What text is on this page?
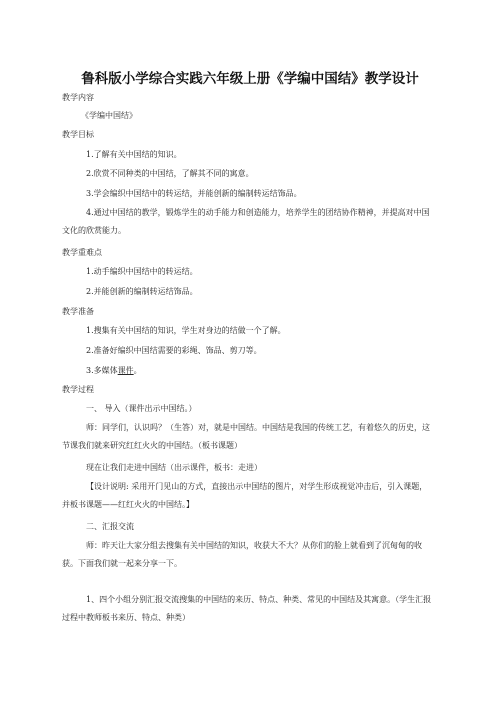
鲁科版小学综合实践六年级上册《学编中国结》教学设计
教学内容
《学编中国结》
教学目标
1.了解有关中国结的知识。
2.欣赏不同种类的中国结，了解其不同的寓意。
3.学会编织中国结中的转运结，并能创新的编制转运结饰品。
4.通过中国结的教学，锻炼学生的动手能力和创造能力，培养学生的团结协作精神，并提高对中国文化的欣赏能力。
教学重难点
1.动手编织中国结中的转运结。
2.并能创新的编制转运结饰品。
教学准备
1.搜集有关中国结的知识，学生对身边的结做一个了解。
2.准备好编织中国结需要的彩绳、饰品、剪刀等。
3.多媒体课件。
教学过程
一、 导入（课件出示中国结。）
师：同学们，认识吗？（生答）对，就是中国结。中国结是我国的传统工艺，有着悠久的历史，这节课我们就来研究红红火火的中国结。（板书课题）
现在让我们走进中国结（出示课件，板书：走进）
【设计说明: 采用开门见山的方式，直接出示中国结的图片，对学生形成视觉冲击后，引入课题，并板书课题——红红火火的中国结。】
二、汇报交流
师：昨天让大家分组去搜集有关中国结的知识，收获大不大？从你们的脸上就看到了沉甸甸的收获。下面我们就一起来分享一下。
1、四个小组分别汇报交流搜集的中国结的来历、特点、种类、常见的中国结及其寓意。（学生汇报过程中教师板书来历、特点、种类）
